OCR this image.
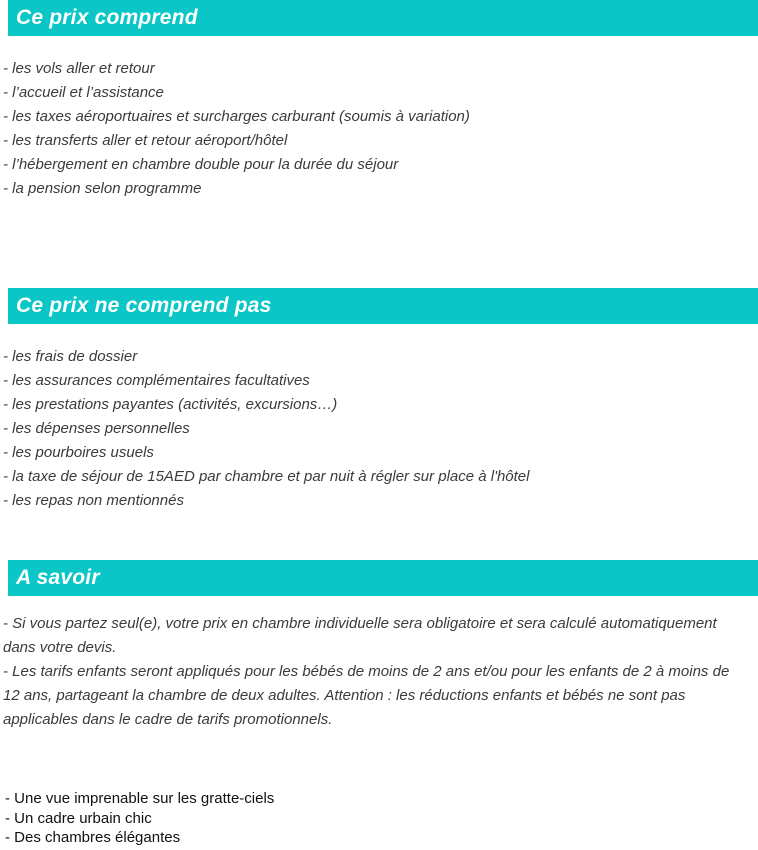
Ce prix comprend
- les vols aller et retour
- l’accueil et l’assistance
- les taxes aéroportuaires et surcharges carburant (soumis à variation)
- les transferts aller et retour aéroport/hôtel
- l’hébergement en chambre double pour la durée du séjour
- la pension selon programme
Ce prix ne comprend pas
- les frais de dossier
- les assurances complémentaires facultatives
- les prestations payantes (activités, excursions…)
- les dépenses personnelles
- les pourboires usuels
- la taxe de séjour de 15AED par chambre et par nuit à régler sur place à l'hôtel
- les repas non mentionnés
A savoir

- Si vous partez seul(e), votre prix en chambre individuelle sera obligatoire et sera calculé automatiquement dans votre devis.

- Les tarifs enfants seront appliqués pour les bébés de moins de 2 ans et/ou pour les enfants de 2 à moins de 12 ans, partageant la chambre de deux adultes. Attention : les réductions enfants et bébés ne sont pas applicables dans le cadre de tarifs promotionnels.

- Une vue imprenable sur les gratte-ciels
- Un cadre urbain chic
- Des chambres élégantes
